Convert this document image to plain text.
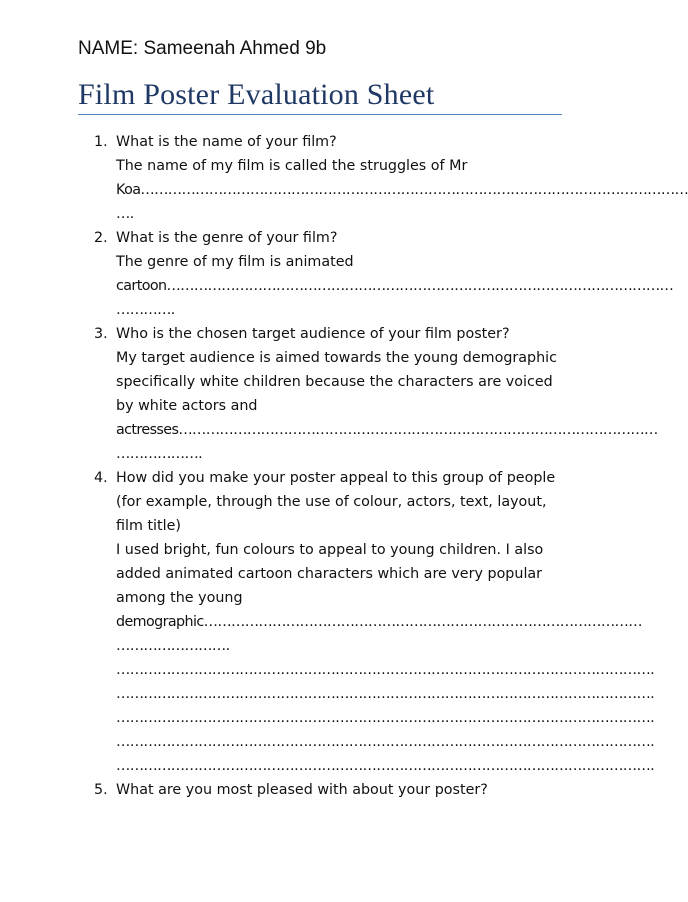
NAME: Sameenah Ahmed 9b
Film Poster Evaluation Sheet
1. What is the name of your film?
The name of my film is called the struggles of Mr
Koa…………………………………………………………………………………………………………
….
2. What is the genre of your film?
The genre of my film is animated
cartoon…………………………………………………………………………………………………
………….
3. Who is the chosen target audience of your film poster?
My target audience is aimed towards the young demographic
specifically white children because the characters are voiced
by white actors and
actresses……………………………………………………………………………………………
……………….
4. How did you make your poster appeal to this group of people
(for example, through the use of colour, actors, text, layout,
film title)
I used bright, fun colours to appeal to young children. I also
added animated cartoon characters which are very popular
among the young
demographic……………………………………………………………………………………
…………………….
……………………………………………………………………………………………………….
……………………………………………………………………………………………………….
……………………………………………………………………………………………………….
……………………………………………………………………………………………………….
……………………………………………………………………………………………………….
5. What are you most pleased with about your poster?
